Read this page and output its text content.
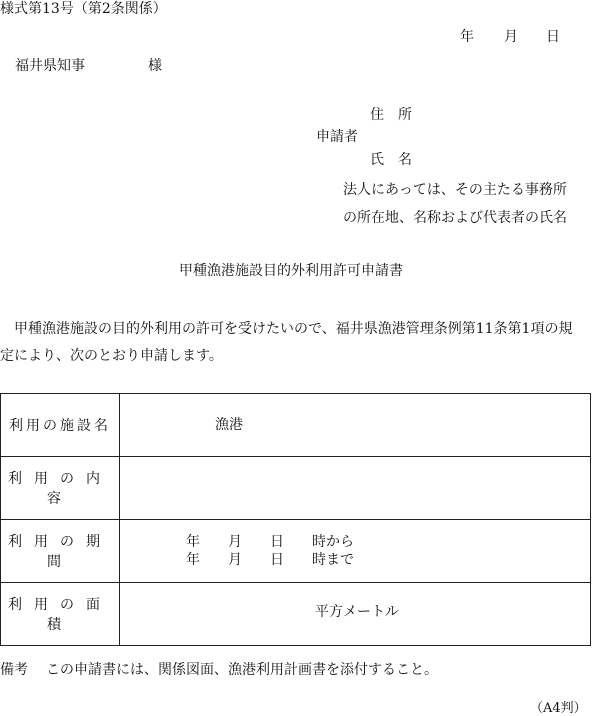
様式第13号（第2条関係）
年 月 日
福井県知事	様
住　所
申請者
氏　名
法人にあっては、その主たる事務所
の所在地、名称および代表者の氏名
甲種漁港施設目的外利用許可申請書
　甲種漁港施設の目的外利用の許可を受けたいので、福井県漁港管理条例第11条第1項の規
定により、次のとおり申請します。
利用の施設名	漁港

利用の内容	

利用の期間	年　　月　　日　　時から
年　　月　　日　　時まで

利用の面積	平方メートル
備考 この申請書には、関係図面、漁港利用計画書を添付すること。
（A4判）
